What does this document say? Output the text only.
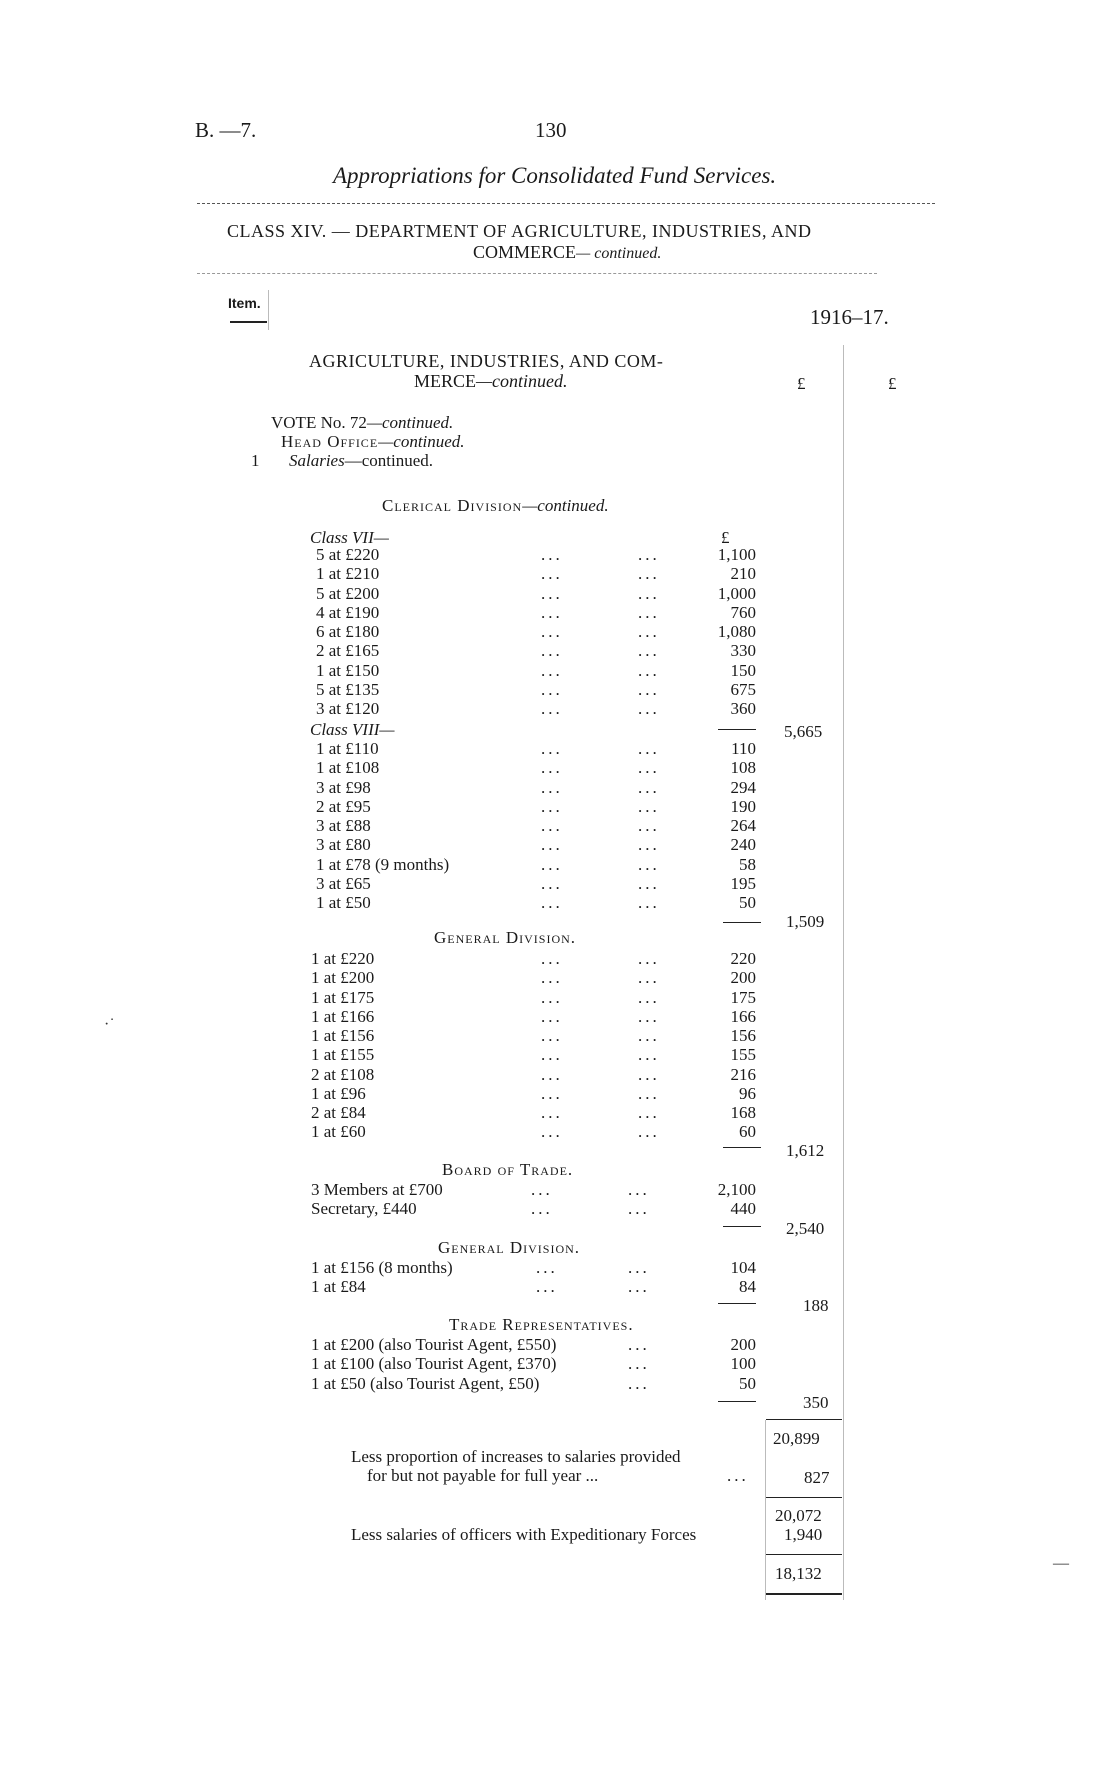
B. —7.	130
Appropriations for Consolidated Fund Services.
CLASS XIV. — DEPARTMENT OF AGRICULTURE, INDUSTRIES, AND
COMMERCE— continued.
Item.
1916–17.
£	£
AGRICULTURE, INDUSTRIES, AND COM-
MERCE—continued.
VOTE No. 72—continued.
Head Office—continued.
1 Salaries—continued.
Clerical Division—continued.
£
Class VII—
5 at £220	...	...	1,100
1 at £210	...	...	210
5 at £200	...	...	1,000
4 at £190	...	...	760
6 at £180	...	...	1,080
2 at £165	...	...	330
1 at £150	...	...	150
5 at £135	...	...	675
3 at £120	...	...	360
5,665
Class VIII—
1 at £110	...	...	110
1 at £108	...	...	108
3 at £98	...	...	294
2 at £95	...	...	190
3 at £88	...	...	264
3 at £80	...	...	240
1 at £78 (9 months)	...	...	58
3 at £65	...	...	195
1 at £50	...	...	50
1,509
General Division.
1 at £220	...	...	220
1 at £200	...	...	200
1 at £175	...	...	175
1 at £166	...	...	166
1 at £156	...	...	156
1 at £155	...	...	155
2 at £108	...	...	216
1 at £96	...	...	96
2 at £84	...	...	168
1 at £60	...	...	60
1,612
Board of Trade.
3 Members at £700	...	...	2,100
Secretary, £440	...	...	440
2,540
General Division.
1 at £156 (8 months)	...	...	104
1 at £84	...	...	84
188
Trade Representatives.
1 at £200 (also Tourist Agent, £550)	...	200
1 at £100 (also Tourist Agent, £370)	...	100
1 at £50 (also Tourist Agent, £50)	...	50
350
20,899
Less proportion of increases to salaries provided
for but not payable for full year ...	...	827
20,072
Less salaries of officers with Expeditionary Forces	1,940
18,132
·˙
—
